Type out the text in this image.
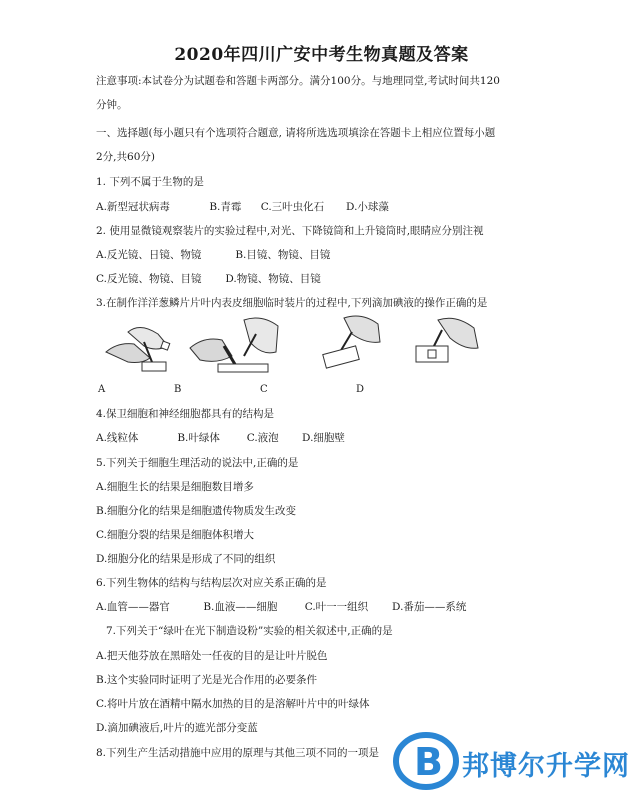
2020年四川广安中考生物真题及答案
注意事项:本试卷分为试题卷和答题卡两部分。满分100分。与地理同堂,考试时间共120
分钟。
一、选择题(每小题只有个选项符合题意, 请将所选选项填涂在答题卡上相应位置每小题
2分,共60分)
1. 下列不属于生物的是
A.新型冠状病毒	B.青霉 C.三叶虫化石 D.小球藻
2. 使用显微镜观察装片的实验过程中,对光、下降镜筒和上升镜筒时,眼睛应分别注视
A.反光镜、日镜、物镜	B.目镜、物镜、目镜
C.反光镜、物镜、目镜 D.物镜、物镜、目镜
3.在制作洋洋葱鳞片片叶内表皮细胞临时装片的过程中,下列滴加碘液的操作正确的是
A	B	C	D
4.保卫细胞和神经细胞都具有的结构是
A.线粒体	B.叶绿体	C.液泡 D.细胞壁
5.下列关于细胞生理活动的说法中,正确的是
A.细胞生长的结果是细胞数目增多
B.细胞分化的结果是细胞遗传物质发生改变
C.细胞分裂的结果是细胞体积增大
D.细胞分化的结果是形成了不同的组织
6.下列生物体的结构与结构层次对应关系正确的是
A.血管——器官	B.血液——细胞	C.叶一一组织 D.番茄——系统
7.下列关于“绿叶在光下制造设粉”实验的相关叙述中,正确的是
A.把天他芬放在黑暗处一任夜的目的是让叶片脱色
B.这个实验同时证明了光是光合作用的必要条件
C.将叶片放在酒精中隔水加热的目的是溶解叶片中的叶绿体
D.滴加碘液后,叶片的遮光部分变蓝
8.下列生产生活动措施中应用的原理与其他三项不同的一项是 B 邦博尔升学网
